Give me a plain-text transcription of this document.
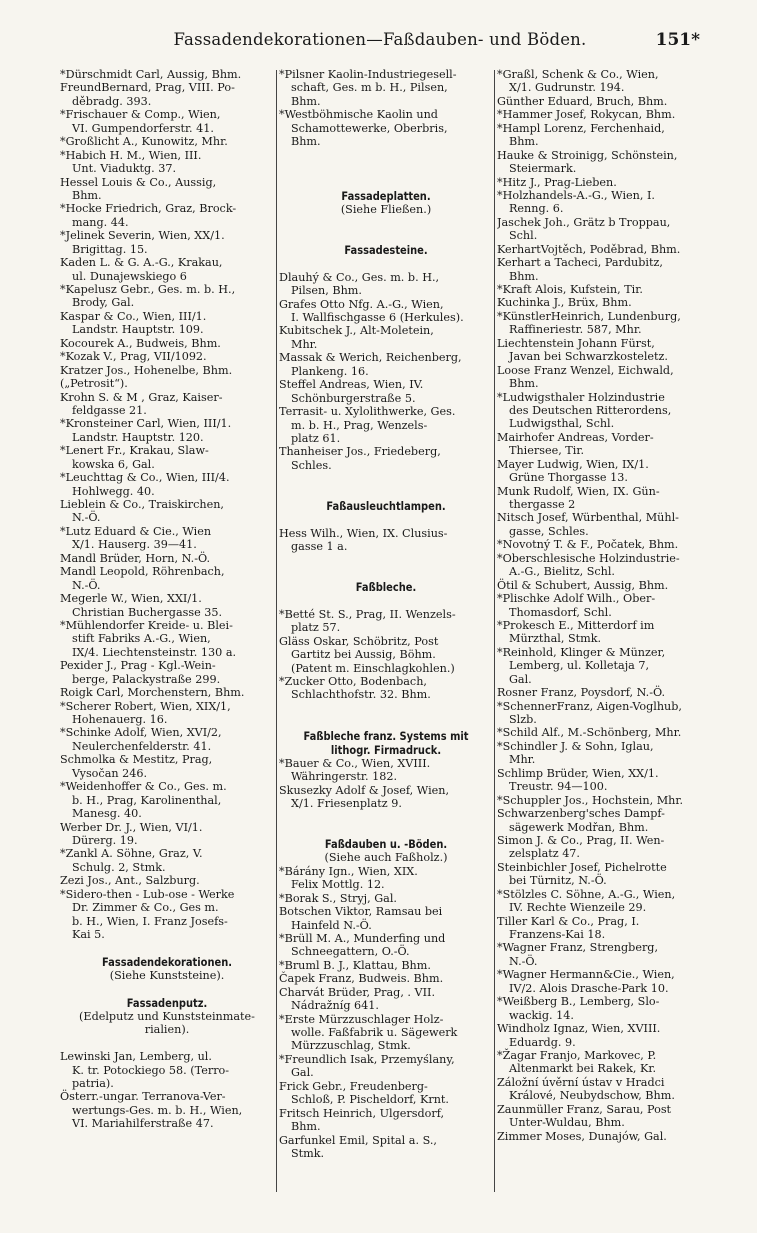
Fassadendekorationen—Faßdauben- und Böden.	151*
*Dürschmidt Carl, Aussig, Bhm.
FreundBernard, Prag, VIII. Po-
děbradg. 393.
*Frischauer & Comp., Wien,
VI. Gumpendorferstr. 41.
*Großlicht A., Kunowitz, Mhr.
*Habich H. M., Wien, III.
Unt. Viaduktg. 37.
Hessel Louis & Co., Aussig,
Bhm.
*Hocke Friedrich, Graz, Brock-
mang. 44.
*Jelinek Severin, Wien, XX/1.
Brigittag. 15.
Kaden L. & G. A.-G., Krakau,
ul. Dunajewskiego 6
*Kapelusz Gebr., Ges. m. b. H.,
Brody, Gal.
Kaspar & Co., Wien, III/1.
Landstr. Hauptstr. 109.
Kocourek A., Budweis, Bhm.
*Kozak V., Prag, VII/1092.
Kratzer Jos., Hohenelbe, Bhm.
(„Petrosit“).
Krohn S. & M , Graz, Kaiser-
feldgasse 21.
*Kronsteiner Carl, Wien, III/1.
Landstr. Hauptstr. 120.
*Lenert Fr., Krakau, Slaw-
kowska 6, Gal.
*Leuchttag & Co., Wien, III/4.
Hohlwegg. 40.
Lieblein & Co., Traiskirchen,
N.-Ö.
*Lutz Eduard & Cie., Wien
X/1. Hauserg. 39—41.
Mandl Brüder, Horn, N.-Ö.
Mandl Leopold, Röhrenbach,
N.-Ö.
Megerle W., Wien, XXI/1.
Christian Buchergasse 35.
*Mühlendorfer Kreide- u. Blei-
stift Fabriks A.-G., Wien,
IX/4. Liechtensteinstr. 130 a.
Pexider J., Prag - Kgl.-Wein-
berge, Palackystraße 299.
Roigk Carl, Morchenstern, Bhm.
*Scherer Robert, Wien, XIX/1,
Hohenauerg. 16.
*Schinke Adolf, Wien, XVI/2,
Neulerchenfelderstr. 41.
Schmolka & Mestitz, Prag,
Vysočan 246.
*Weidenhoffer & Co., Ges. m.
b. H., Prag, Karolinenthal,
Manesg. 40.
Werber Dr. J., Wien, VI/1.
Dürerg. 19.
*Zankl A. Söhne, Graz, V.
Schulg. 2, Stmk.
Zezi Jos., Ant., Salzburg.
*Sidero-then - Lub-ose - Werke
Dr. Zimmer & Co., Ges m.
b. H., Wien, I. Franz Josefs-
Kai 5.
Fassadendekorationen.
(Siehe Kunststeine).
Fassadenputz.
(Edelputz und Kunststeinmate-
rialien).
Lewinski Jan, Lemberg, ul.
K. tr. Potockiego 58. (Terro-
patria).
Österr.-ungar. Terranova-Ver-
wertungs-Ges. m. b. H., Wien,
VI. Mariahilferstraße 47.
*Pilsner Kaolin-Industriegesell-
schaft, Ges. m b. H., Pilsen,
Bhm.
*Westböhmische Kaolin und
Schamottewerke, Oberbris,
Bhm.
Fassadeplatten.
(Siehe Fließen.)
Fassadesteine.
Dlauhý & Co., Ges. m. b. H.,
Pilsen, Bhm.
Grafes Otto Nfg. A.-G., Wien,
I. Wallfischgasse 6 (Herkules).
Kubitschek J., Alt-Moletein,
Mhr.
Massak & Werich, Reichenberg,
Plankeng. 16.
Steffel Andreas, Wien, IV.
Schönburgerstraße 5.
Terrasit- u. Xylolithwerke, Ges.
m. b. H., Prag, Wenzels-
platz 61.
Thanheiser Jos., Friedeberg,
Schles.
Faßausleuchtlampen.
Hess Wilh., Wien, IX. Clusius-
gasse 1 a.
Faßbleche.
*Betté St. S., Prag, II. Wenzels-
platz 57.
Gläss Oskar, Schöbritz, Post
Gartitz bei Aussig, Böhm.
(Patent m. Einschlagkohlen.)
*Zucker Otto, Bodenbach,
Schlachthofstr. 32. Bhm.
Faßbleche franz. Systems mit
lithogr. Firmadruck.
*Bauer & Co., Wien, XVIII.
Währingerstr. 182.
Skusezky Adolf & Josef, Wien,
X/1. Friesenplatz 9.
Faßdauben u. -Böden.
(Siehe auch Faßholz.)
*Bárány Ign., Wien, XIX.
Felix Mottlg. 12.
*Borak S., Stryj, Gal.
Botschen Viktor, Ramsau bei
Hainfeld N.-Ö.
*Brüll M. A., Munderfing und
Schneegattern, O.-Ö.
*Bruml B. J., Klattau, Bhm.
Čapek Franz, Budweis. Bhm.
Charvát Brüder, Prag, . VII.
Nádražníg 641.
*Erste Mürzzuschlager Holz-
wolle. Faßfabrik u. Sägewerk
Mürzzuschlag, Stmk.
*Freundlich Isak, Przemyślany,
Gal.
Frick Gebr., Freudenberg-
Schloß, P. Pischeldorf, Krnt.
Fritsch Heinrich, Ulgersdorf,
Bhm.
Garfunkel Emil, Spital a. S.,
Stmk.
*Graßl, Schenk & Co., Wien,
X/1. Gudrunstr. 194.
Günther Eduard, Bruch, Bhm.
*Hammer Josef, Rokycan, Bhm.
*Hampl Lorenz, Ferchenhaid,
Bhm.
Hauke & Stroinigg, Schönstein,
Steiermark.
*Hitz J., Prag-Lieben.
*Holzhandels-A.-G., Wien, I.
Renng. 6.
Jaschek Joh., Grätz b Troppau,
Schl.
KerhartVojtěch, Poděbrad, Bhm.
Kerhart a Tacheci, Pardubitz,
Bhm.
*Kraft Alois, Kufstein, Tir.
Kuchinka J., Brüx, Bhm.
*KünstlerHeinrich, Lundenburg,
Raffineriestr. 587, Mhr.
Liechtenstein Johann Fürst,
Javan bei Schwarzkosteletz.
Loose Franz Wenzel, Eichwald,
Bhm.
*Ludwigsthaler Holzindustrie
des Deutschen Ritterordens,
Ludwigsthal, Schl.
Mairhofer Andreas, Vorder-
Thiersee, Tir.
Mayer Ludwig, Wien, IX/1.
Grüne Thorgasse 13.
Munk Rudolf, Wien, IX. Gün-
thergasse 2
Nitsch Josef, Würbenthal, Mühl-
gasse, Schles.
*Novotný T. & F., Počatek, Bhm.
*Oberschlesische Holzindustrie-
A.-G., Bielitz, Schl.
Ötil & Schubert, Aussig, Bhm.
*Plischke Adolf Wilh., Ober-
Thomasdorf, Schl.
*Prokesch E., Mitterdorf im
Mürzthal, Stmk.
*Reinhold, Klinger & Münzer,
Lemberg, ul. Kolletaja 7,
Gal.
Rosner Franz, Poysdorf, N.-Ö.
*SchennerFranz, Aigen-Voglhub,
Slzb.
*Schild Alf., M.-Schönberg, Mhr.
*Schindler J. & Sohn, Iglau,
Mhr.
Schlimp Brüder, Wien, XX/1.
Treustr. 94—100.
*Schuppler Jos., Hochstein, Mhr.
Schwarzenberg'sches Dampf-
sägewerk Modřan, Bhm.
Simon J. & Co., Prag, II. Wen-
zelsplatz 47.
Steinbichler Josef, Pichelrotte
bei Türnitz, N.-Ö.
*Stölzles C. Söhne, A.-G., Wien,
IV. Rechte Wienzeile 29.
Tiller Karl & Co., Prag, I.
Franzens-Kai 18.
*Wagner Franz, Strengberg,
N.-Ö.
*Wagner Hermann&Cie., Wien,
IV/2. Alois Drasche-Park 10.
*Weißberg B., Lemberg, Slo-
wackig. 14.
Windholz Ignaz, Wien, XVIII.
Eduardg. 9.
*Žagar Franjo, Markovec, P.
Altenmarkt bei Rakek, Kr.
Záložní úvěrní ústav v Hradci
Králové, Neubydschow, Bhm.
Zaunmüller Franz, Sarau, Post
Unter-Wuldau, Bhm.
Zimmer Moses, Dunajów, Gal.
